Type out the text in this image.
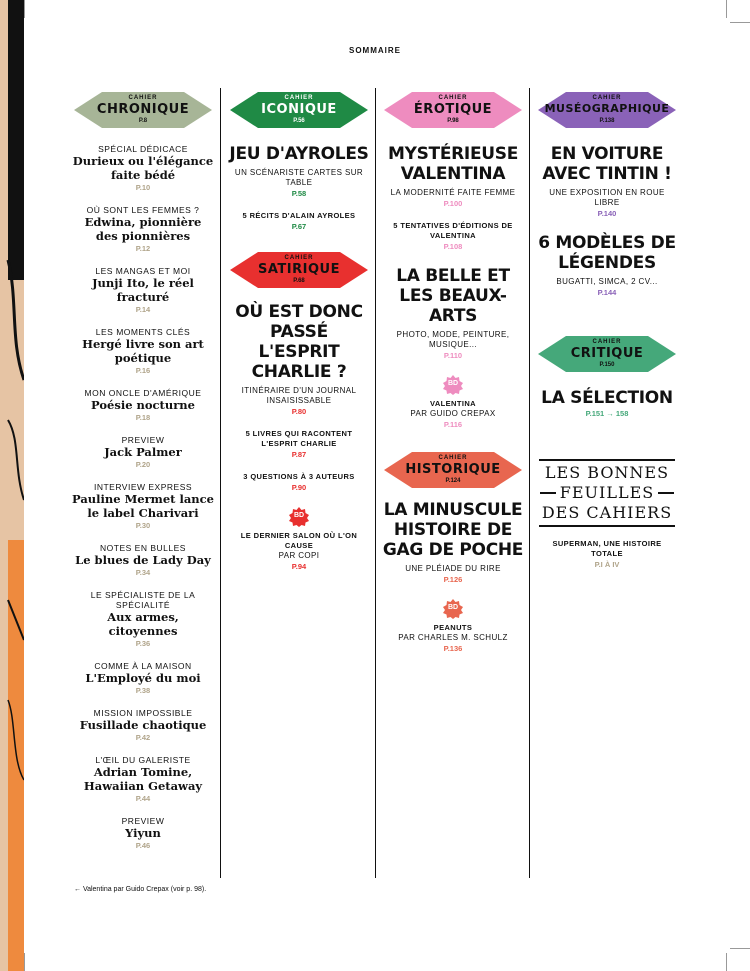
SOMMAIRE
CAHIER
CHRONIQUE
P.8
SPÉCIAL DÉDICACE
Durieux ou l'élégance faite bédé
P.10
OÙ SONT LES FEMMES ?
Edwina, pionnière des pionnières
P.12
LES MANGAS ET MOI
Junji Ito, le réel fracturé
P.14
LES MOMENTS CLÉS
Hergé livre son art poétique
P.16
MON ONCLE D'AMÉRIQUE
Poésie nocturne
P.18
PREVIEW
Jack Palmer
P.20
INTERVIEW EXPRESS
Pauline Mermet lance le label Charivari
P.30
NOTES EN BULLES
Le blues de Lady Day
P.34
LE SPÉCIALISTE DE LA SPÉCIALITÉ
Aux armes, citoyennes
P.36
COMME À LA MAISON
L'Employé du moi
P.38
MISSION IMPOSSIBLE
Fusillade chaotique
P.42
L'ŒIL DU GALERISTE
Adrian Tomine, Hawaiian Getaway
P.44
PREVIEW
Yiyun
P.46
CAHIER
ICONIQUE
P.56
JEU D'AYROLES
UN SCÉNARISTE CARTES SUR TABLE
P.58
5 RÉCITS D'ALAIN AYROLES
P.67
CAHIER
SATIRIQUE
P.68
OÙ EST DONC PASSÉ L'ESPRIT CHARLIE ?
ITINÉRAIRE D'UN JOURNAL INSAISISSABLE
P.80
5 LIVRES QUI RACONTENT L'ESPRIT CHARLIE
P.87
3 QUESTIONS À 3 AUTEURS
P.90
BD
LE DERNIER SALON OÙ L'ON CAUSE
PAR COPI
P.94
CAHIER
ÉROTIQUE
P.98
MYSTÉRIEUSE VALENTINA
LA MODERNITÉ FAITE FEMME
P.100
5 TENTATIVES D'ÉDITIONS DE VALENTINA
P.108
LA BELLE ET LES BEAUX-ARTS
PHOTO, MODE, PEINTURE, MUSIQUE...
P.110
BD
VALENTINA
PAR GUIDO CREPAX
P.116
CAHIER
HISTORIQUE
P.124
LA MINUSCULE HISTOIRE DE GAG DE POCHE
UNE PLÉIADE DU RIRE
P.126
BD
PEANUTS
PAR CHARLES M. SCHULZ
P.136
CAHIER
MUSÉOGRAPHIQUE
P.138
EN VOITURE AVEC TINTIN !
UNE EXPOSITION EN ROUE LIBRE
P.140
6 MODÈLES DE LÉGENDES
BUGATTI, SIMCA, 2 CV...
P.144
CAHIER
CRITIQUE
P.150
LA SÉLECTION
P.151 → 158
LES BONNES
FEUILLES
DES CAHIERS
SUPERMAN, UNE HISTOIRE TOTALE
P.I À IV
← Valentina par Guido Crepax (voir p. 98).
